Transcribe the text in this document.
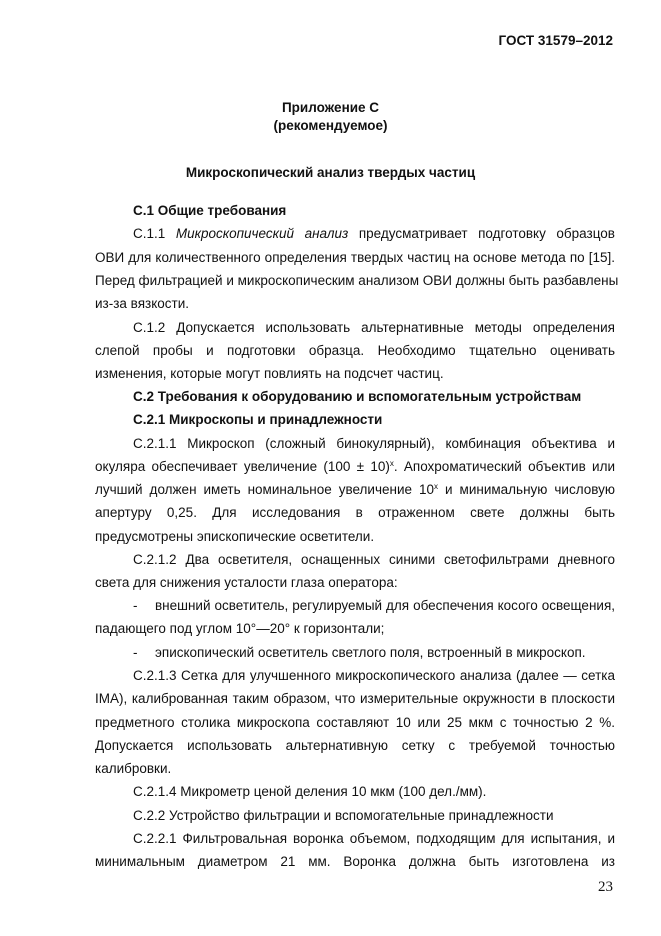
ГОСТ 31579–2012
Приложение С
(рекомендуемое)
Микроскопический анализ твердых частиц
С.1 Общие требования
С.1.1 Микроскопический анализ предусматривает подготовку образцов
ОВИ для количественного определения твердых частиц на основе метода по [15].
Перед фильтрацией и микроскопическим анализом ОВИ должны быть разбавлены
из-за вязкости.
С.1.2 Допускается использовать альтернативные методы определения
слепой пробы и подготовки образца. Необходимо тщательно оценивать
изменения, которые могут повлиять на подсчет частиц.
С.2 Требования к оборудованию и вспомогательным устройствам
С.2.1 Микроскопы и принадлежности
С.2.1.1 Микроскоп (сложный бинокулярный), комбинация объектива и
окуляра обеспечивает увеличение $(100 \pm 10)^х$. Апохроматический объектив или
лучший должен иметь номинальное увеличение $10^х$ и минимальную числовую
апертуру 0,25. Для исследования в отраженном свете должны быть
предусмотрены эпископические осветители.
С.2.1.2 Два осветителя, оснащенных синими светофильтрами дневного
света для снижения усталости глаза оператора:
- внешний осветитель, регулируемый для обеспечения косого освещения,
падающего под углом 10°—20° к горизонтали;
- эпископический осветитель светлого поля, встроенный в микроскоп.
С.2.1.3 Сетка для улучшенного микроскопического анализа (далее — сетка
IMA), калиброванная таким образом, что измерительные окружности в плоскости
предметного столика микроскопа составляют 10 или 25 мкм с точностью 2 %.
Допускается использовать альтернативную сетку с требуемой точностью
калибровки.
С.2.1.4 Микрометр ценой деления 10 мкм (100 дел./мм).
С.2.2 Устройство фильтрации и вспомогательные принадлежности
С.2.2.1 Фильтровальная воронка объемом, подходящим для испытания, и
минимальным диаметром 21 мм. Воронка должна быть изготовлена из
23
